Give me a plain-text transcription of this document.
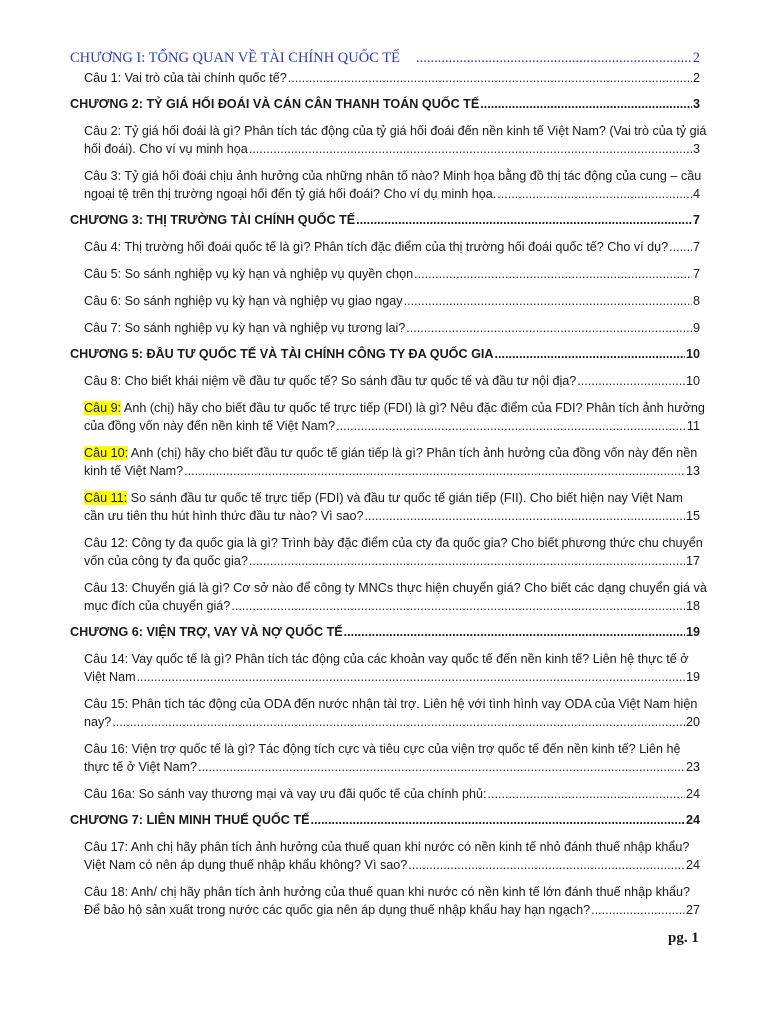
CHƯƠNG I: TỔNG QUAN VỀ TÀI CHÍNH QUỐC TẾ .....	2
Câu 1: Vai trò của tài chính quốc tế? .....	2
CHƯƠNG 2: TỶ GIÁ HỐI ĐOÁI VÀ CÁN CÂN THANH TOÁN QUỐC TẾ .....	3
Câu 2: Tỷ giá hối đoái là gì? Phân tích tác động của tỷ giá hối đoái đến nền kinh tế Việt Nam? (Vai trò của tỷ giá
hối đoái). Cho ví vụ minh họa .....	3
Câu 3: Tỷ giá hối đoái chịu ảnh hưởng của những nhân tố nào? Minh họa bằng đồ thị tác động của cung – cầu
ngoại tệ trên thị trường ngoại hối đến tỷ giá hối đoái? Cho ví dụ minh họa. .....	4
CHƯƠNG 3: THỊ TRƯỜNG TÀI CHÍNH QUỐC TẾ .....	7
Câu 4: Thị trường hối đoái quốc tế là gì? Phân tích đặc điểm của thị trường hối đoái quốc tế? Cho ví dụ? ..... 7
Câu 5: So sánh nghiệp vụ kỳ hạn và nghiệp vụ quyền chọn .....	7
Câu 6: So sánh nghiệp vụ kỳ hạn và nghiệp vụ giao ngay .....	8
Câu 7: So sánh nghiệp vụ kỳ hạn và nghiệp vụ tương lai? .....	9
CHƯƠNG 5: ĐẦU TƯ QUỐC TẾ VÀ TÀI CHÍNH CÔNG TY ĐA QUỐC GIA .....	10
Câu 8: Cho biết khái niệm về đầu tư quốc tế? So sánh đầu tư quốc tế và đầu tư nội địa? .....	10
Câu 9: Anh (chị) hãy cho biết đầu tư quốc tế trực tiếp (FDI) là gì? Nêu đặc điểm của FDI? Phân tích ảnh hưởng
của đồng vốn này đến nền kinh tế Việt Nam? .....	11
Câu 10: Anh (chị) hãy cho biết đầu tư quốc tế gián tiếp là gì? Phân tích ảnh hưởng của đồng vốn này đến nền
kinh tế Việt Nam? .....	13
Câu 11: So sánh đầu tư quốc tế trực tiếp (FDI) và đầu tư quốc tế gián tiếp (FII). Cho biết hiện nay Việt Nam
cần ưu tiên thu hút hình thức đầu tư nào? Vì sao? .....	15
Câu 12: Công ty đa quốc gia là gì? Trình bày đặc điểm của cty đa quốc gia? Cho biết phương thức chu chuyển
vốn của công ty đa quốc gia? .....	17
Câu 13: Chuyển giá là gì? Cơ sở nào để công ty MNCs thực hiện chuyển giá? Cho biết các dạng chuyển giá và
mục đích của chuyển giá? .....	18
CHƯƠNG 6: VIỆN TRỢ, VAY VÀ NỢ QUỐC TẾ .....	19
Câu 14: Vay quốc tế là gì? Phân tích tác động của các khoản vay quốc tế đến nền kinh tế? Liên hệ thực tế ở
Việt Nam .....	19
Câu 15: Phân tích tác động của ODA đến nước nhận tài trợ. Liên hệ với tình hình vay ODA của Việt Nam hiện
nay? .....	20
Câu 16: Viện trợ quốc tế là gì? Tác động tích cực và tiêu cực của viện trợ quốc tế đến nền kinh tế? Liên hệ
thực tế ở Việt Nam? .....	23
Câu 16a: So sánh vay thương mại và vay ưu đãi quốc tế của chính phủ: .....	24
CHƯƠNG 7: LIÊN MINH THUẾ QUỐC TẾ .....	24
Câu 17: Anh chị hãy phân tích ảnh hưởng của thuế quan khi nước có nền kinh tế nhỏ đánh thuế nhập khẩu?
Việt Nam có nên áp dụng thuế nhập khẩu không? Vì sao? .....	24
Câu 18: Anh/ chị hãy phân tích ảnh hưởng của thuế quan khi nước có nền kinh tế lớn đánh thuế nhập khẩu?
Để bảo hộ sản xuất trong nước các quốc gia nên áp dụng thuế nhập khẩu hay hạn ngạch? .....	27
pg. 1
